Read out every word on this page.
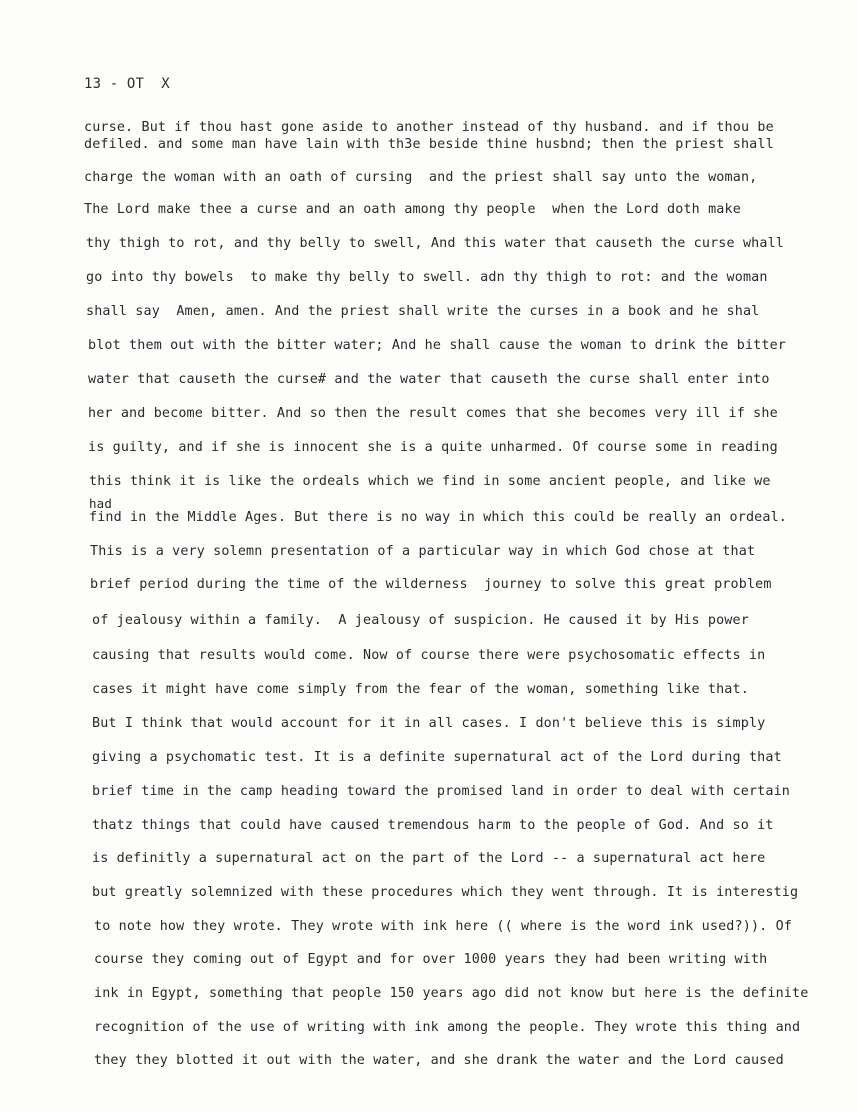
13 - OT  X
curse. But if thou hast gone aside to another instead of thy husband. and if thou be
defiled. and some man have lain with th3e beside thine husbnd; then the priest shall
charge the woman with an oath of cursing  and the priest shall say unto the woman,
The Lord make thee a curse and an oath among thy people  when the Lord doth make
thy thigh to rot, and thy belly to swell, And this water that causeth the curse whall
go into thy bowels  to make thy belly to swell. adn thy thigh to rot: and the woman
shall say  Amen, amen. And the priest shall write the curses in a book and he shal
blot them out with the bitter water; And he shall cause the woman to drink the bitter
water that causeth the curse# and the water that causeth the curse shall enter into
her and become bitter. And so then the result comes that she becomes very ill if she
is guilty, and if she is innocent she is a quite unharmed. Of course some in reading
this think it is like the ordeals which we find in some ancient people, and like we
had
find in the Middle Ages. But there is no way in which this could be really an ordeal.
This is a very solemn presentation of a particular way in which God chose at that
brief period during the time of the wilderness  journey to solve this great problem
of jealousy within a family.  A jealousy of suspicion. He caused it by His power
causing that results would come. Now of course there were psychosomatic effects in
cases it might have come simply from the fear of the woman, something like that.
But I think that would account for it in all cases. I don't believe this is simply
giving a psychomatic test. It is a definite supernatural act of the Lord during that
brief time in the camp heading toward the promised land in order to deal with certain
thatz things that could have caused tremendous harm to the people of God. And so it
is definitly a supernatural act on the part of the Lord -- a supernatural act here
but greatly solemnized with these procedures which they went through. It is interestig
to note how they wrote. They wrote with ink here (( where is the word ink used?)). Of
course they coming out of Egypt and for over 1000 years they had been writing with
ink in Egypt, something that people 150 years ago did not know but here is the definite
recognition of the use of writing with ink among the people. They wrote this thing and
they they blotted it out with the water, and she drank the water and the Lord caused
